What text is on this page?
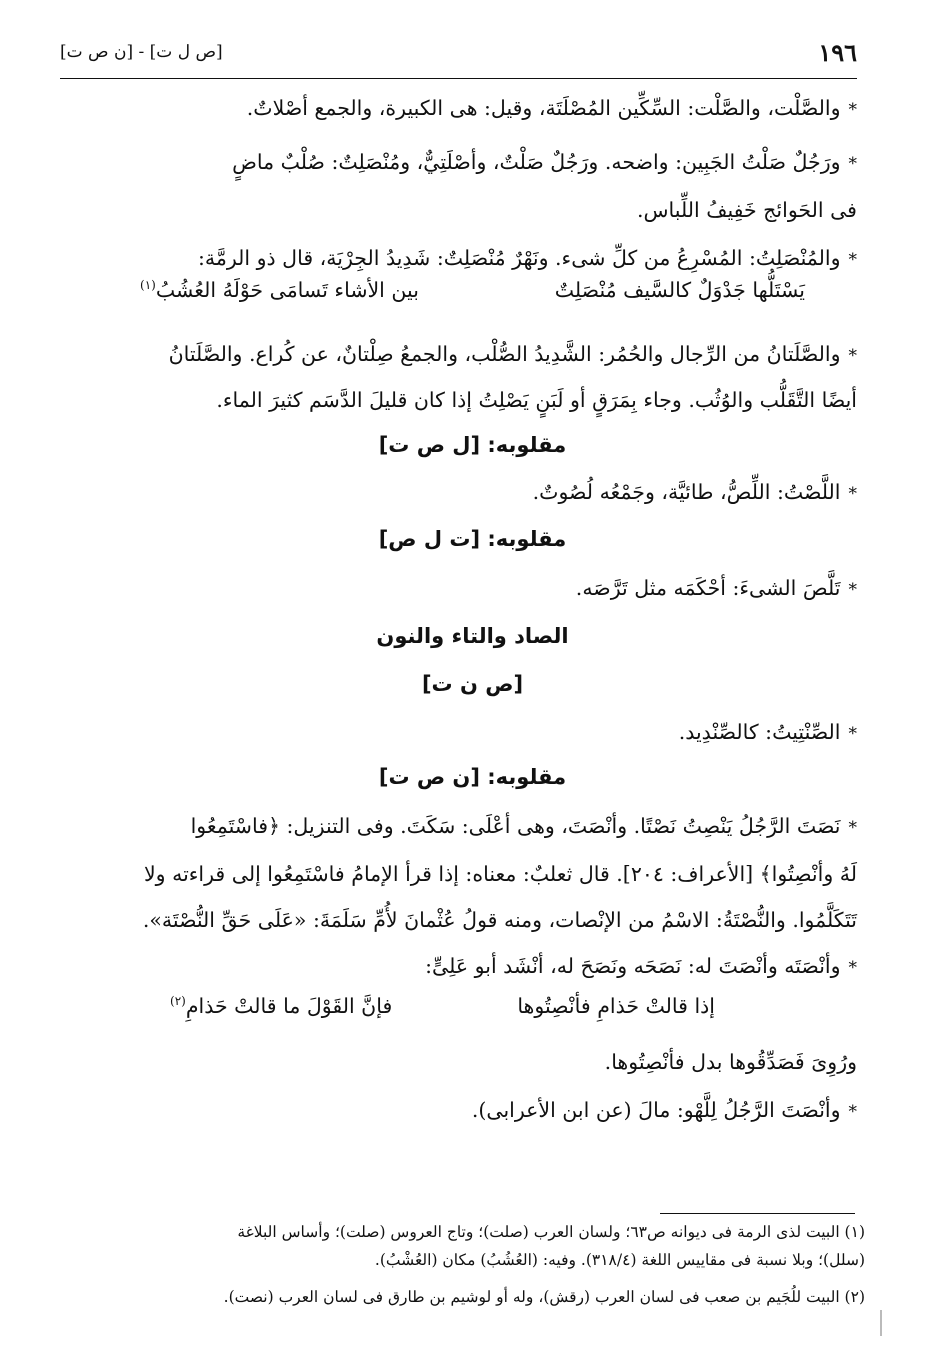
١٩٦
[ص ل ت] - [ن ص ت]
*والصَّلْت، والصَّلْت: السِّكِّين المُصْلَتَة، وقيل: هى الكبيرة، والجمع أصْلاتٌ.
*ورَجُلٌ صَلْتُ الجَبِين: واضحه. ورَجُلٌ صَلْتٌ، وأصْلَتِيٌّ، ومُنْصَلِتٌ: صُلْبٌ ماضٍ
فى الحَوائج خَفِيفُ اللِّباس.
*والمُنْصَلِتُ: المُسْرِعُ من كلِّ شىء. ونَهْرٌ مُنْصَلِتٌ: شَدِيدُ الجِرْيَة، قال ذو الرمَّة:
يَسْتَلُّها جَدْوَلٌ كالسَّيف مُنْصَلِتٌ
بين الأشاء تَسامَى حَوْلَهُ العُشُبُ$^{(١)}$
*والصَّلَتانُ من الرِّجال والحُمُر: الشَّدِيدُ الصُّلْب، والجمعُ صِلْتانٌ، عن كُراع. والصَّلَتانُ
أيضًا التَّقَلُّب والوُثُب. وجاء بِمَرَقٍ أو لَبَنٍ يَصْلِتُ إذا كان قليلَ الدَّسَم كثيرَ الماء.
مقلوبه: [ل ص ت]
*اللَّصْتُ: اللِّصُّ، طائيَّة، وجَمْعُه لُصُوتٌ.
مقلوبه: [ت ل ص]
*تَلَّصَ الشىءَ: أحْكَمَه مثل تَرَّصَه.
الصاد والتاء والنون
[ص ن ت]
*الصِّنْتِيتُ: كالصِّنْدِيد.
مقلوبه: [ن ص ت]
*نَصَتَ الرَّجُلُ يَنْصِتُ نَصْتًا. وأنْصَتَ، وهى أعْلَى: سَكَتَ. وفى التنزيل: ﴿فاسْتَمِعُوا
لَهُ وأنْصِتُوا﴾ [الأعراف: ٢٠٤]. قال ثعلبٌ: معناه: إذا قرأ الإمامُ فاسْتَمِعُوا إلى قراءته ولا
تَتَكَلَّمُوا. والنُّصْتَةُ: الاسْمُ من الإنْصات، ومنه قولُ عُثْمانَ لأُمِّ سَلَمَةَ: «عَلَى حَقِّ النُّصْتَة».
*وأنْصَتَه وأنْصَتَ له: نَصَحَه ونَصَحَ له، أنْشَد أبو عَلِىٍّ:
إذا قالتْ حَذامِ فأنْصِتُوها
فإنَّ القَوْلَ ما قالتْ حَذامِ$^{(٢)}$
ورُوِىَ فَصَدِّقُوها بدل فأنْصِتُوها.
*وأنْصَتَ الرَّجُلُ لِلَّهْو: مالَ (عن ابن الأعرابى).
(١) البيت لذى الرمة فى ديوانه ص٦٣؛ ولسان العرب (صلت)؛ وتاج العروس (صلت)؛ وأساس البلاغة
(سلل)؛ وبلا نسبة فى مقاييس اللغة (٣١٨/٤). وفيه: (العُشُبُ) مكان (العُشْبُ).
(٢) البيت للُجَيم بن صعب فى لسان العرب (رقش)، وله أو لوشيم بن طارق فى لسان العرب (نصت).
